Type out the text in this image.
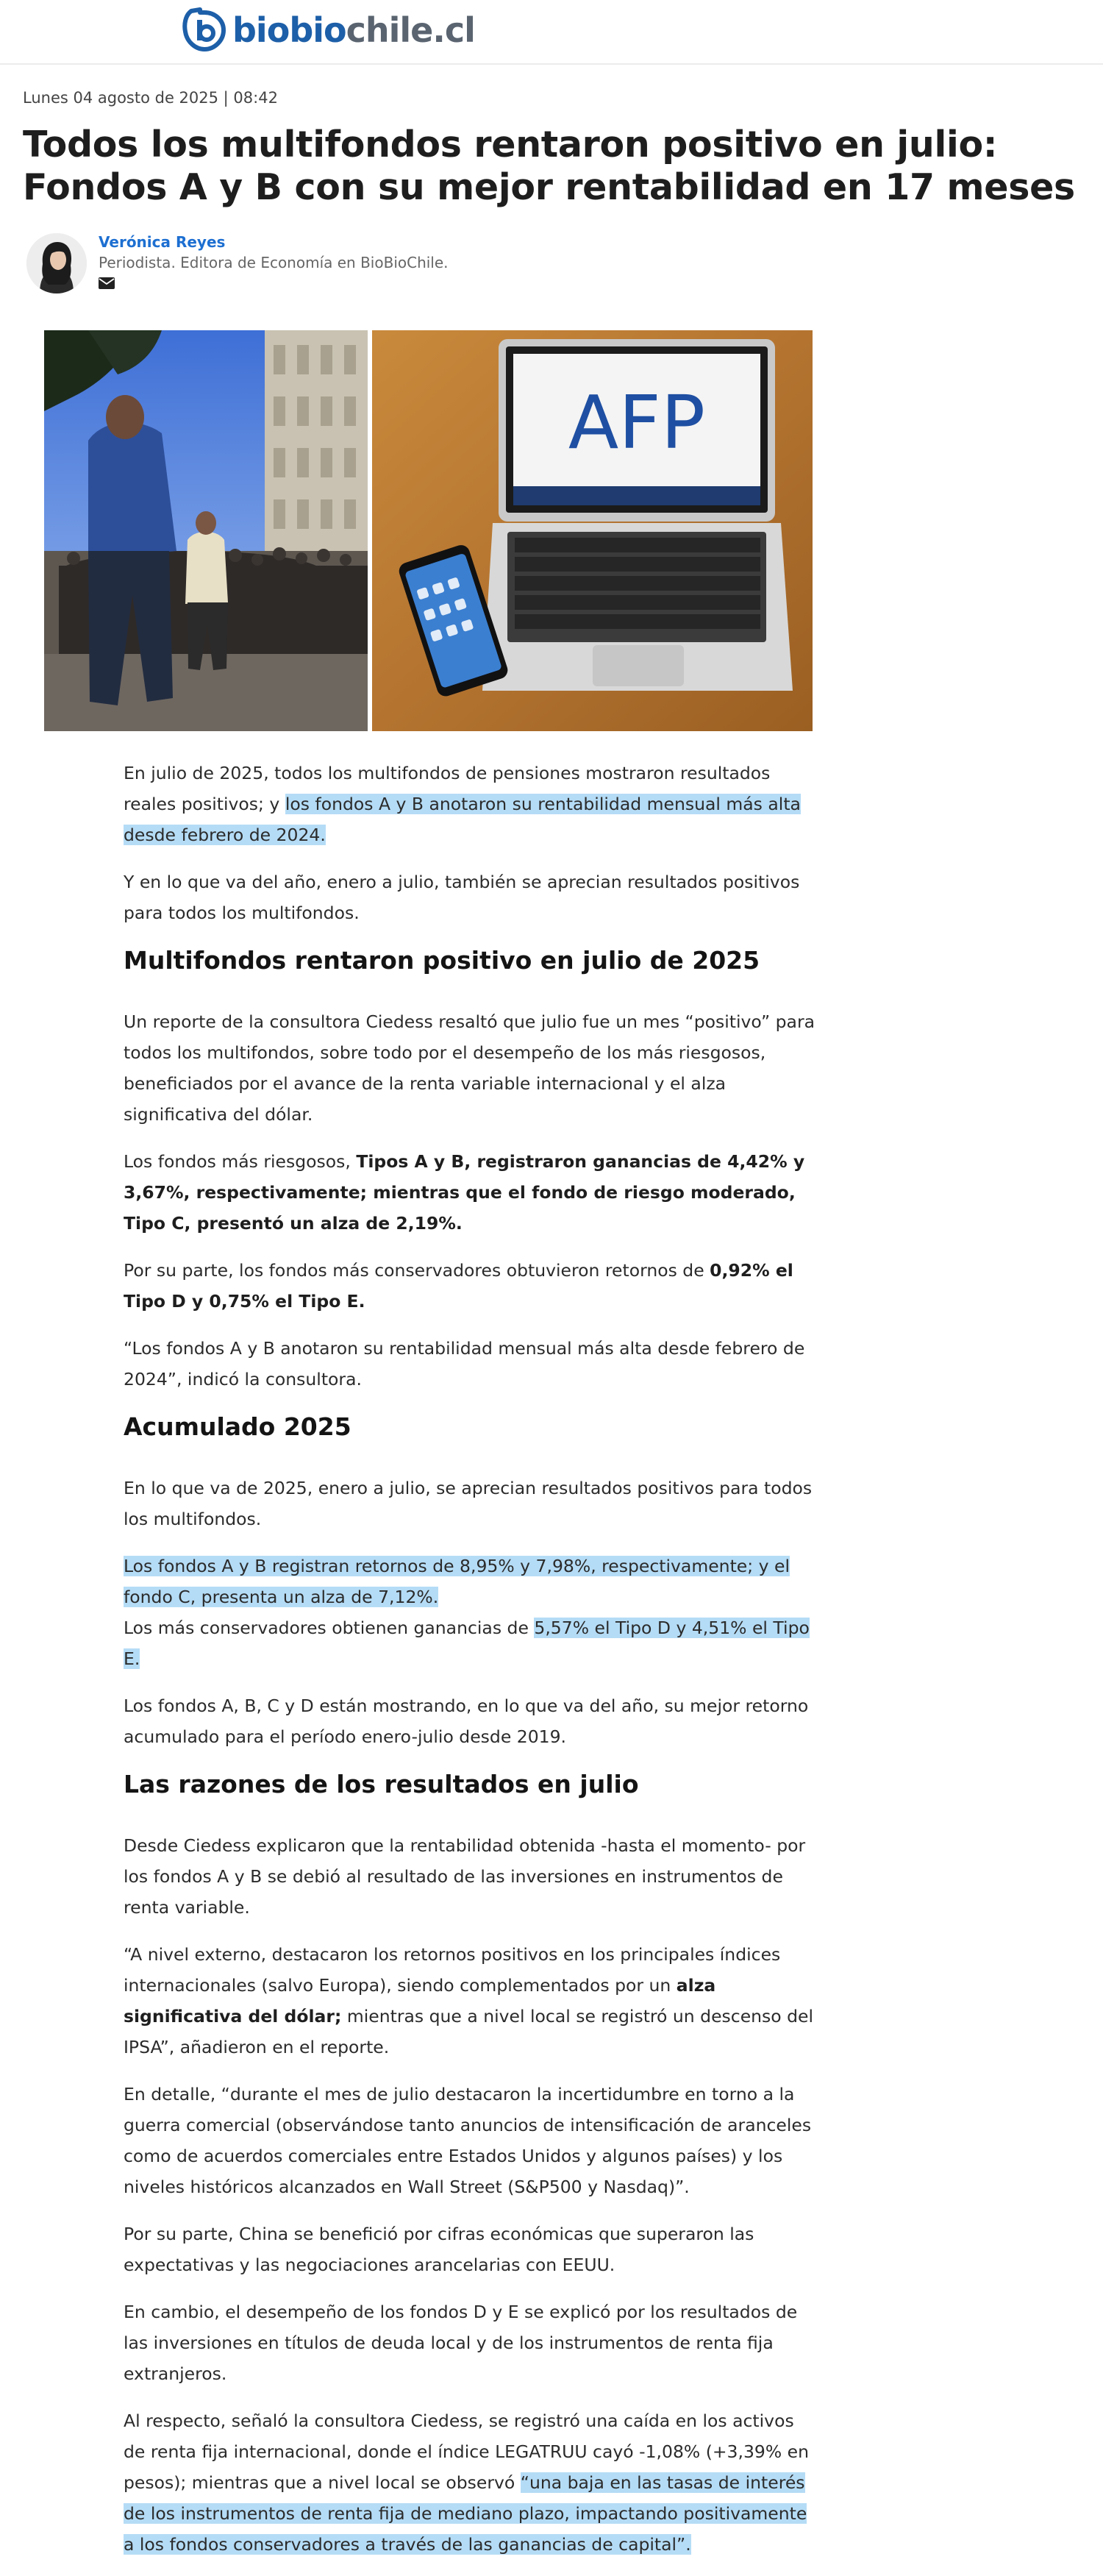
biobiochile.cl
Lunes 04 agosto de 2025 | 08:42
Todos los multifondos rentaron positivo en julio: Fondos A y B con su mejor rentabilidad en 17 meses
Verónica Reyes
Periodista. Editora de Economía en BioBioChile.
AFP

En julio de 2025, todos los multifondos de pensiones mostraron resultados reales positivos; y los fondos A y B anotaron su rentabilidad mensual más alta desde febrero de 2024.

Y en lo que va del año, enero a julio, también se aprecian resultados positivos para todos los multifondos.

Multifondos rentaron positivo en julio de 2025

Un reporte de la consultora Ciedess resaltó que julio fue un mes “positivo” para todos los multifondos, sobre todo por el desempeño de los más riesgosos, beneficiados por el avance de la renta variable internacional y el alza significativa del dólar.

Los fondos más riesgosos, Tipos A y B, registraron ganancias de 4,42% y 3,67%, respectivamente; mientras que el fondo de riesgo moderado, Tipo C, presentó un alza de 2,19%.

Por su parte, los fondos más conservadores obtuvieron retornos de 0,92% el Tipo D y 0,75% el Tipo E.

“Los fondos A y B anotaron su rentabilidad mensual más alta desde febrero de 2024”, indicó la consultora.

Acumulado 2025

En lo que va de 2025, enero a julio, se aprecian resultados positivos para todos los multifondos.

Los fondos A y B registran retornos de 8,95% y 7,98%, respectivamente; y el fondo C, presenta un alza de 7,12%.

Los más conservadores obtienen ganancias de 5,57% el Tipo D y 4,51% el Tipo E.

Los fondos A, B, C y D están mostrando, en lo que va del año, su mejor retorno acumulado para el período enero-julio desde 2019.

Las razones de los resultados en julio

Desde Ciedess explicaron que la rentabilidad obtenida -hasta el momento- por los fondos A y B se debió al resultado de las inversiones en instrumentos de renta variable.

“A nivel externo, destacaron los retornos positivos en los principales índices internacionales (salvo Europa), siendo complementados por un alza significativa del dólar; mientras que a nivel local se registró un descenso del IPSA”, añadieron en el reporte.

En detalle, “durante el mes de julio destacaron la incertidumbre en torno a la guerra comercial (observándose tanto anuncios de intensificación de aranceles como de acuerdos comerciales entre Estados Unidos y algunos países) y los niveles históricos alcanzados en Wall Street (S&P500 y Nasdaq)”.

Por su parte, China se benefició por cifras económicas que superaron las expectativas y las negociaciones arancelarias con EEUU.

En cambio, el desempeño de los fondos D y E se explicó por los resultados de las inversiones en títulos de deuda local y de los instrumentos de renta fija extranjeros.

Al respecto, señaló la consultora Ciedess, se registró una caída en los activos de renta fija internacional, donde el índice LEGATRUU cayó -1,08% (+3,39% en pesos); mientras que a nivel local se observó “una baja en las tasas de interés de los instrumentos de renta fija de mediano plazo, impactando positivamente a los fondos conservadores a través de las ganancias de capital”.
